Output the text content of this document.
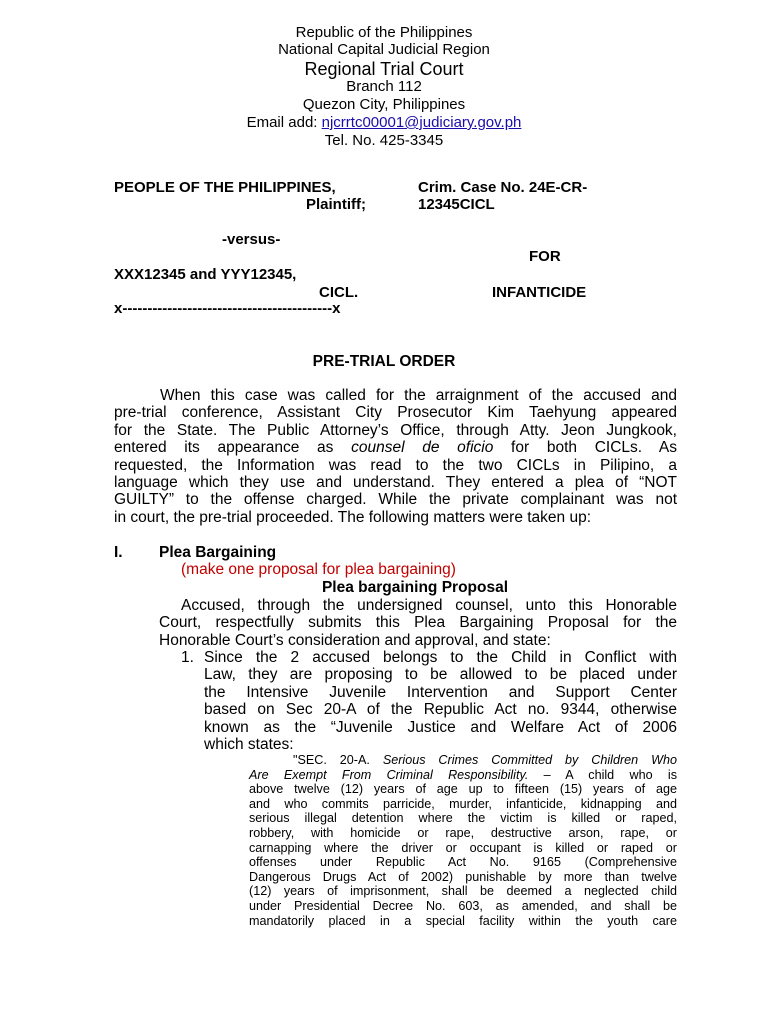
Republic of the Philippines
National Capital Judicial Region
Regional Trial Court
Branch 112
Quezon City, Philippines
Email add: njcrrtc00001@judiciary.gov.ph
Tel. No. 425-3345
PEOPLE OF THE PHILIPPINES,
Plaintiff;
Crim. Case No. 24E-CR-
12345CICL
-versus-
FOR
XXX12345 and YYY12345,
CICL.	INFANTICIDE
x------------------------------------------x
PRE-TRIAL ORDER
When this case was called for the arraignment of the accused and
pre-trial conference, Assistant City Prosecutor Kim Taehyung appeared
for the State. The Public Attorney’s Office, through Atty. Jeon Jungkook,
entered its appearance as counsel de oficio for both CICLs. As
requested, the Information was read to the two CICLs in Pilipino, a
language which they use and understand. They entered a plea of “NOT
GUILTY” to the offense charged. While the private complainant was not
in court, the pre-trial proceeded. The following matters were taken up:
I. Plea Bargaining
(make one proposal for plea bargaining)
Plea bargaining Proposal
Accused, through the undersigned counsel, unto this Honorable
Court, respectfully submits this Plea Bargaining Proposal for the
Honorable Court’s consideration and approval, and state:
1. Since the 2 accused belongs to the Child in Conflict with
Law, they are proposing to be allowed to be placed under
the Intensive Juvenile Intervention and Support Center
based on Sec 20-A of the Republic Act no. 9344, otherwise
known as the “Juvenile Justice and Welfare Act of 2006
which states:
"SEC. 20-A. Serious Crimes Committed by Children Who
Are Exempt From Criminal Responsibility. – A child who is
above twelve (12) years of age up to fifteen (15) years of age
and who commits parricide, murder, infanticide, kidnapping and
serious illegal detention where the victim is killed or raped,
robbery, with homicide or rape, destructive arson, rape, or
carnapping where the driver or occupant is killed or raped or
offenses under Republic Act No. 9165 (Comprehensive
Dangerous Drugs Act of 2002) punishable by more than twelve
(12) years of imprisonment, shall be deemed a neglected child
under Presidential Decree No. 603, as amended, and shall be
mandatorily placed in a special facility within the youth care
